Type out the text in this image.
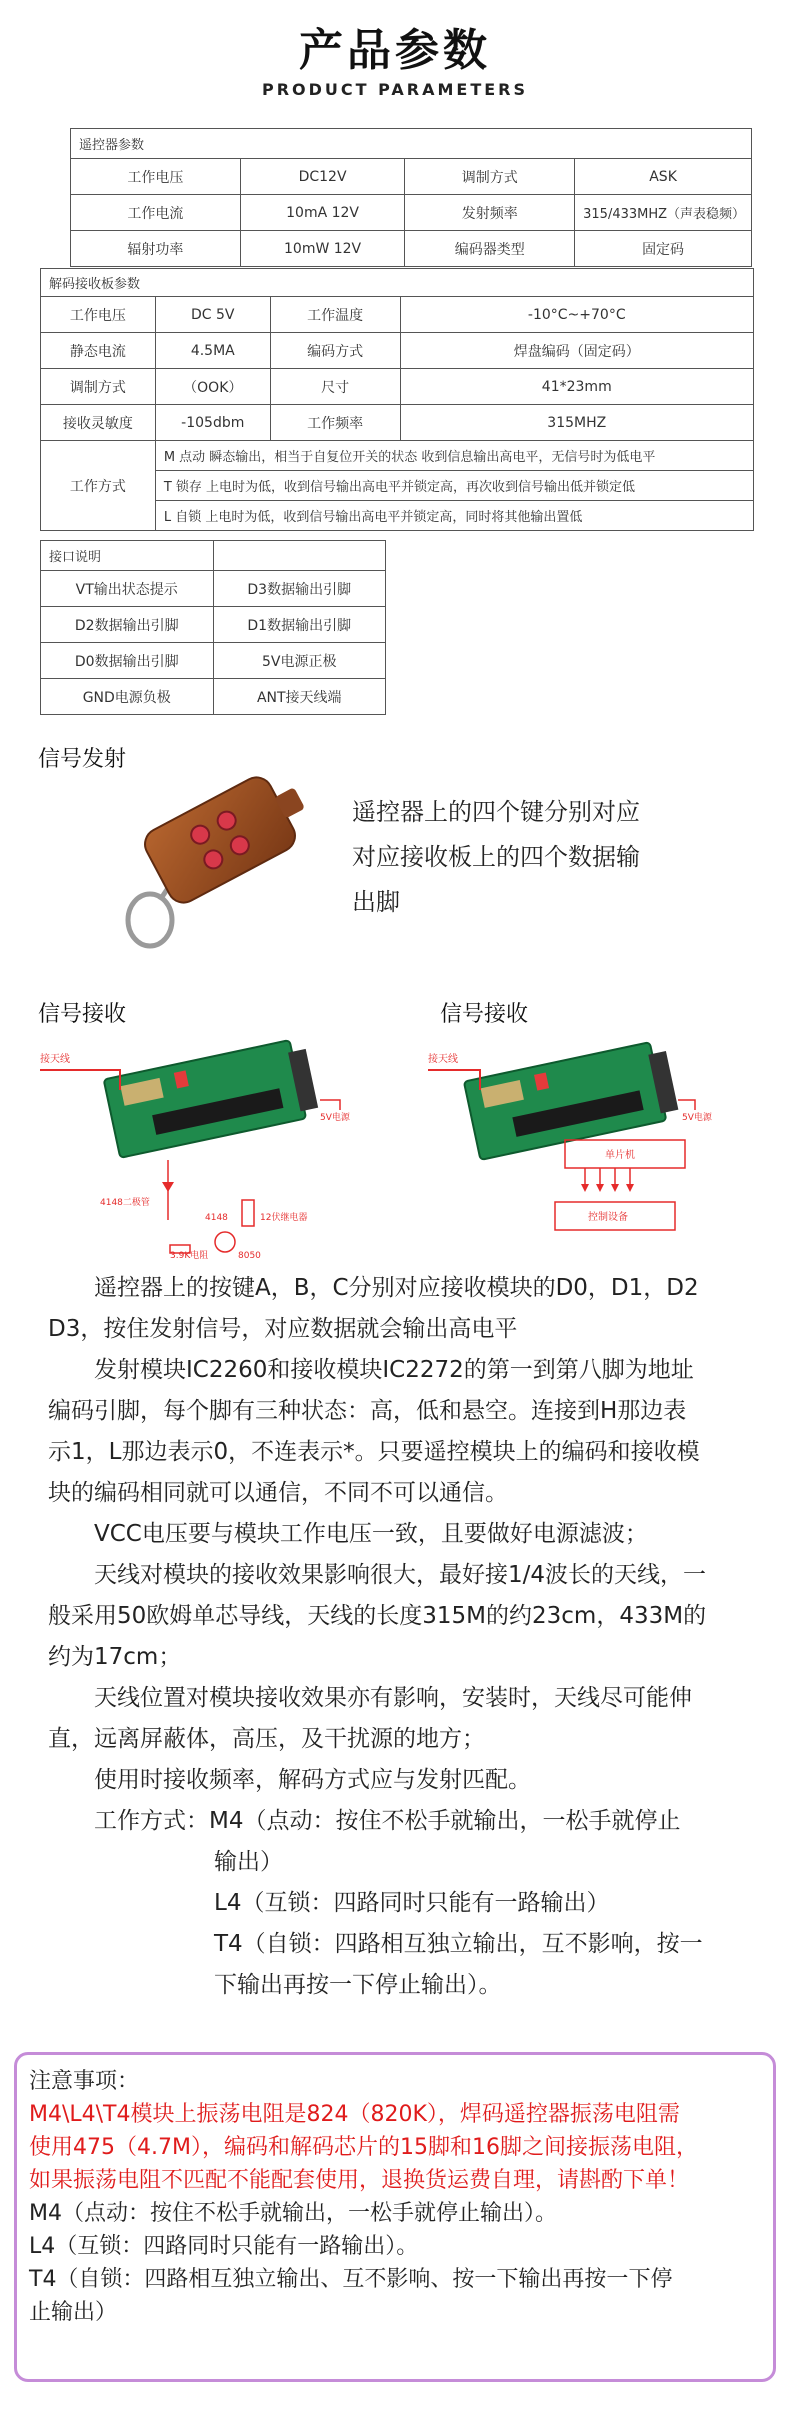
产品参数
PRODUCT PARAMETERS
遥控器参数			
工作电压	DC12V	调制方式	ASK
工作电流	10mA 12V	发射频率	315/433MHZ（声表稳频）
辐射功率	10mW 12V	编码器类型	固定码
解码接收板参数			
工作电压	DC 5V	工作温度	-10°C~+70°C
静态电流	4.5MA	编码方式	焊盘编码（固定码）
调制方式	（OOK）	尺寸	41*23mm
接收灵敏度	-105dbm	工作频率	315MHZ
工作方式	M 点动 瞬态输出，相当于自复位开关的状态 收到信息输出高电平，无信号时为低电平		
	T 锁存 上电时为低，收到信号输出高电平并锁定高，再次收到信号输出低并锁定低		
	L 自锁 上电时为低，收到信号输出高电平并锁定高，同时将其他输出置低		
接口说明	
VT输出状态提示	D3数据输出引脚
D2数据输出引脚	D1数据输出引脚
D0数据输出引脚	5V电源正极
GND电源负极	ANT接天线端
信号发射

遥控器上的四个键分别对应

对应接收板上的四个数据输

出脚

信号接收	信号接收
接天线
5V电源
4148二极管
12伏继电器
4148
3.9K电阻	8050
接天线
5V电源
单片机
控制设备

遥控器上的按键A，B，C分别对应接收模块的D0，D1，D2

D3，按住发射信号，对应数据就会输出高电平

发射模块IC2260和接收模块IC2272的第一到第八脚为地址

编码引脚，每个脚有三种状态：高，低和悬空。连接到H那边表

示1，L那边表示0，不连表示*。只要遥控模块上的编码和接收模

块的编码相同就可以通信，不同不可以通信。

VCC电压要与模块工作电压一致，且要做好电源滤波；

天线对模块的接收效果影响很大，最好接1/4波长的天线，一

般采用50欧姆单芯导线，天线的长度315M的约23cm，433M的

约为17cm；

天线位置对模块接收效果亦有影响，安装时，天线尽可能伸

直，远离屏蔽体，高压，及干扰源的地方；

使用时接收频率，解码方式应与发射匹配。

工作方式：M4（点动：按住不松手就输出，一松手就停止

输出）

L4（互锁：四路同时只能有一路输出）

T4（自锁：四路相互独立输出，互不影响，按一

下输出再按一下停止输出）。

注意事项：
M4\L4\T4模块上振荡电阻是824（820K），焊码遥控器振荡电阻需
使用475（4.7M），编码和解码芯片的15脚和16脚之间接振荡电阻，
如果振荡电阻不匹配不能配套使用，退换货运费自理，请斟酌下单！
M4（点动：按住不松手就输出，一松手就停止输出）。
L4（互锁：四路同时只能有一路输出）。
T4（自锁：四路相互独立输出、互不影响、按一下输出再按一下停
止输出）
